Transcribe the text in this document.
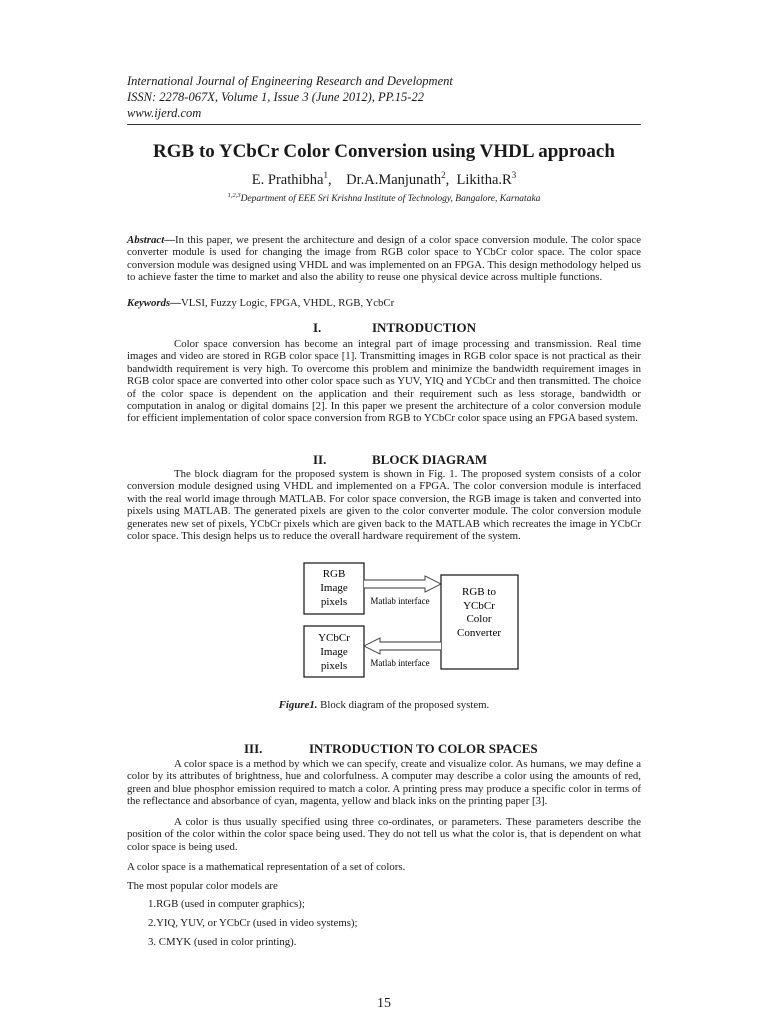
International Journal of Engineering Research and Development
ISSN: 2278-067X, Volume 1, Issue 3 (June 2012), PP.15-22
www.ijerd.com
RGB to YCbCr Color Conversion using VHDL approach
E. Prathibha$^1$, Dr.A.Manjunath$^2$, $Likitha.R^3$
$^{1,2,3}$Department of EEE Sri Krishna Institute of Technology, Bangalore, Karnataka

Abstract—In this paper, we present the architecture and design of a color space conversion module. The color space converter module is used for changing the image from RGB color space to YCbCr color space. The color space conversion module was designed using VHDL and was implemented on an FPGA. This design methodology helped us to achieve faster the time to market and also the ability to reuse one physical device across multiple functions.

Keywords—VLSI, Fuzzy Logic, FPGA, VHDL, RGB, YcbCr

I.	INTRODUCTION

Color space conversion has become an integral part of image processing and transmission. Real time images and video are stored in RGB color space [1]. Transmitting images in RGB color space is not practical as their bandwidth requirement is very high. To overcome this problem and minimize the bandwidth requirement images in RGB color space are converted into other color space such as YUV, YIQ and YCbCr and then transmitted. The choice of the color space is dependent on the application and their requirement such as less storage, bandwidth or computation in analog or digital domains [2]. In this paper we present the architecture of a color conversion module for efficient implementation of color space conversion from RGB to YCbCr color space using an FPGA based system.

II.	BLOCK DIAGRAM

The block diagram for the proposed system is shown in Fig. 1. The proposed system consists of a color conversion module designed using VHDL and implemented on a FPGA. The color conversion module is interfaced with the real world image through MATLAB. For color space conversion, the RGB image is taken and converted into pixels using MATLAB. The generated pixels are given to the color converter module. The color conversion module generates new set of pixels, YCbCr pixels which are given back to the MATLAB which recreates the image in YCbCr color space. This design helps us to reduce the overall hardware requirement of the system.

RGB
Image
pixels
YCbCr
Image
pixels
RGB to
YCbCr
Color
Converter
Matlab interface
Matlab interface
Figure1. Block diagram of the proposed system.
III.	INTRODUCTION TO COLOR SPACES

A color space is a method by which we can specify, create and visualize color. As humans, we may define a color by its attributes of brightness, hue and colorfulness. A computer may describe a color using the amounts of red, green and blue phosphor emission required to match a color. A printing press may produce a specific color in terms of the reflectance and absorbance of cyan, magenta, yellow and black inks on the printing paper [3].

A color is thus usually specified using three co-ordinates, or parameters. These parameters describe the position of the color within the color space being used. They do not tell us what the color is, that is dependent on what color space is being used.

A color space is a mathematical representation of a set of colors.
The most popular color models are
1.RGB (used in computer graphics);
2.YIQ, YUV, or YCbCr (used in video systems);
3. CMYK (used in color printing).
15
